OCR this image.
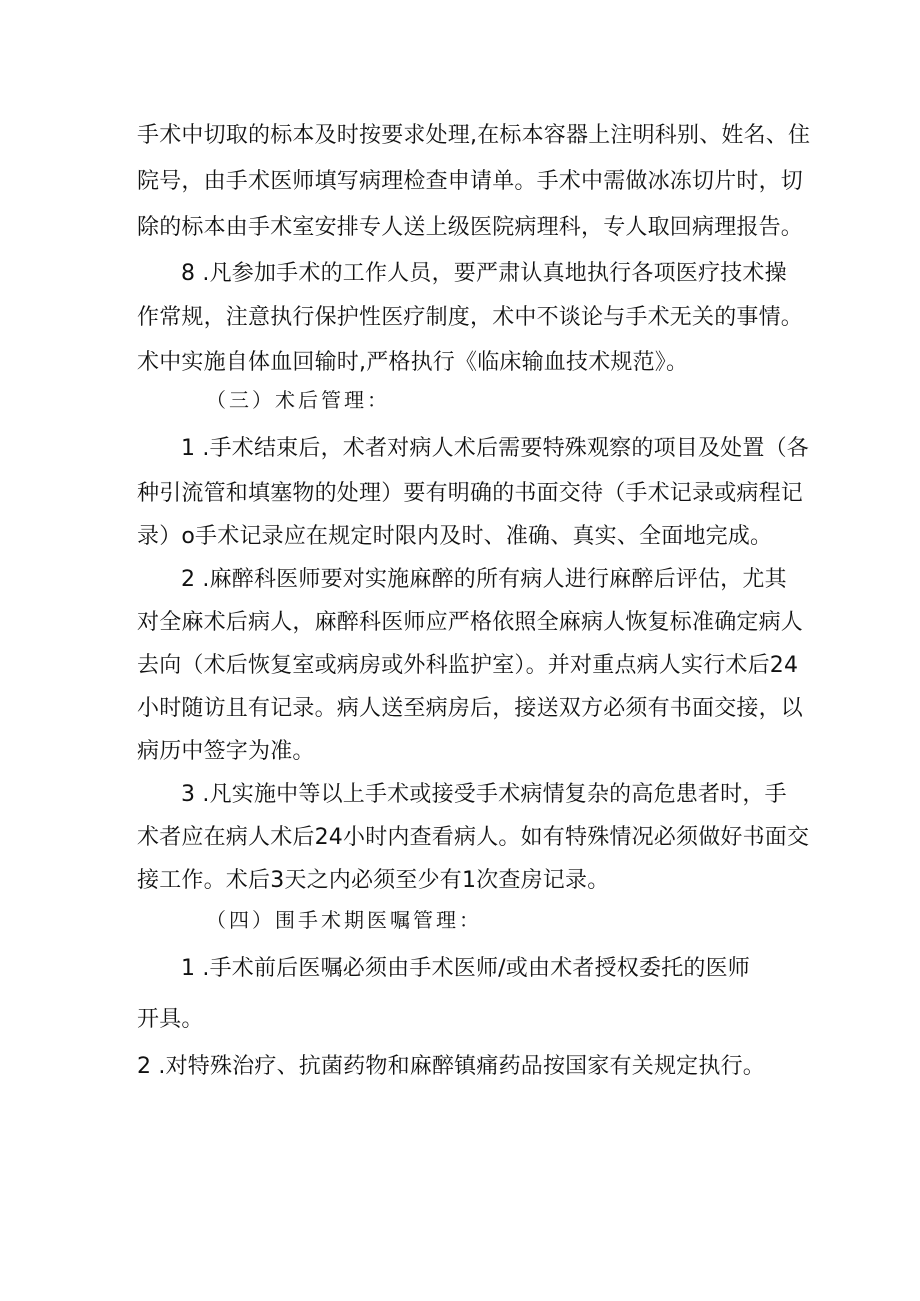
手术中切取的标本及时按要求处理,在标本容器上注明科别、姓名、住
院号，由手术医师填写病理检查申请单。手术中需做冰冻切片时，切
除的标本由手术室安排专人送上级医院病理科，专人取回病理报告。
8 .凡参加手术的工作人员，要严肃认真地执行各项医疗技术操
作常规，注意执行保护性医疗制度，术中不谈论与手术无关的事情。
术中实施自体血回输时,严格执行《临床输血技术规范》。
（三）术后管理：
1 .手术结束后，术者对病人术后需要特殊观察的项目及处置（各
种引流管和填塞物的处理）要有明确的书面交待（手术记录或病程记
录）o手术记录应在规定时限内及时、准确、真实、全面地完成。
2 .麻醉科医师要对实施麻醉的所有病人进行麻醉后评估，尤其
对全麻术后病人，麻醉科医师应严格依照全麻病人恢复标准确定病人
去向（术后恢复室或病房或外科监护室）。并对重点病人实行术后24
小时随访且有记录。病人送至病房后，接送双方必须有书面交接，以
病历中签字为准。
3 .凡实施中等以上手术或接受手术病情复杂的高危患者时，手
术者应在病人术后24小时内查看病人。如有特殊情况必须做好书面交
接工作。术后3天之内必须至少有1次查房记录。
（四）围手术期医嘱管理：
1 .手术前后医嘱必须由手术医师/或由术者授权委托的医师
开具。
2 .对特殊治疗、抗菌药物和麻醉镇痛药品按国家有关规定执行。
